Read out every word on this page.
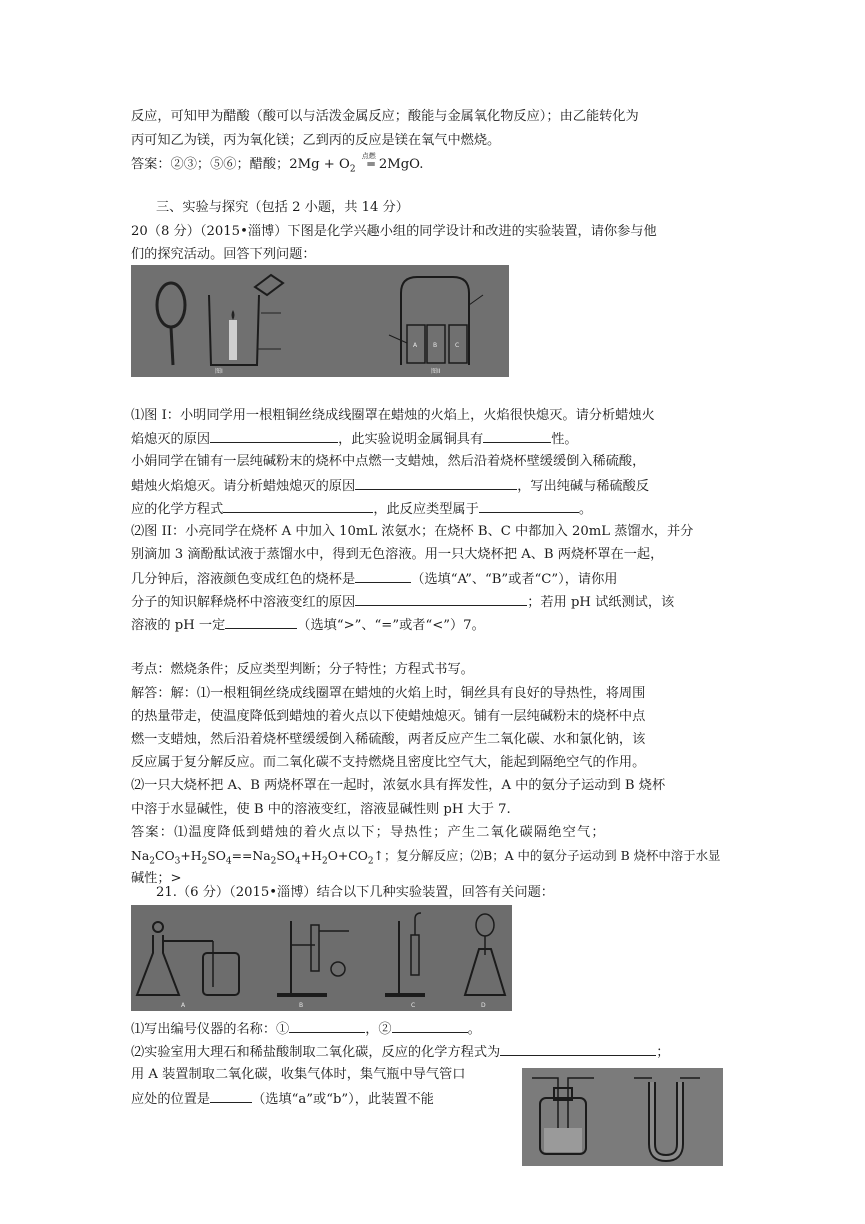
反应，可知甲为醋酸（酸可以与活泼金属反应；酸能与金属氧化物反应）；由乙能转化为
丙可知乙为镁，丙为氧化镁；乙到丙的反应是镁在氧气中燃烧。
答案：②③；⑤⑥；醋酸；$2Mg + O_2$
点燃
═ 2MgO.
三、实验与探究（包括 2 小题，共 14 分）
20（8 分）（2015•淄博）下图是化学兴趣小组的同学设计和改进的实验装置，请你参与他
们的探究活动。回答下列问题：
图I
A	B	C
图II
⑴图 I：小明同学用一根粗铜丝绕成线圈罩在蜡烛的火焰上，火焰很快熄灭。请分析蜡烛火
焰熄灭的原因	，此实验说明金属铜具有	性。
小娟同学在铺有一层纯碱粉末的烧杯中点燃一支蜡烛，然后沿着烧杯壁缓缓倒入稀硫酸，
蜡烛火焰熄灭。请分析蜡烛熄灭的原因	，写出纯碱与稀硫酸反
应的化学方程式	，此反应类型属于	。
⑵图 II：小亮同学在烧杯 A 中加入 10mL 浓氨水；在烧杯 B、C 中都加入 20mL 蒸馏水，并分
别滴加 3 滴酚酞试液于蒸馏水中，得到无色溶液。用一只大烧杯把 A、B 两烧杯罩在一起，
几分钟后，溶液颜色变成红色的烧杯是	（选填“A”、“B”或者“C”），请你用
分子的知识解释烧杯中溶液变红的原因	；若用 pH 试纸测试，该
溶液的 pH 一定	（选填“>”、“=”或者“<”）7。
考点：燃烧条件；反应类型判断；分子特性；方程式书写。
解答：解：⑴一根粗铜丝绕成线圈罩在蜡烛的火焰上时，铜丝具有良好的导热性，将周围
的热量带走，使温度降低到蜡烛的着火点以下使蜡烛熄灭。铺有一层纯碱粉末的烧杯中点
燃一支蜡烛，然后沿着烧杯壁缓缓倒入稀硫酸，两者反应产生二氧化碳、水和氯化钠，该
反应属于复分解反应。而二氧化碳不支持燃烧且密度比空气大，能起到隔绝空气的作用。
⑵一只大烧杯把 A、B 两烧杯罩在一起时，浓氨水具有挥发性，A 中的氨分子运动到 B 烧杯
中溶于水显碱性，使 B 中的溶液变红，溶液显碱性则 pH 大于 7.
答案：⑴温度降低到蜡烛的着火点以下；导热性；产生二氧化碳隔绝空气；
$Na_2CO_3+H_2SO_4==Na_2SO_4+H_2O+CO_2↑$；复分解反应；⑵B；A 中的氨分子运动到 B 烧杯中溶于水显
碱性；>
21.（6 分）（2015•淄博）结合以下几种实验装置，回答有关问题：
A	B	C	D
⑴写出编号仪器的名称：①	，②	。
⑵实验室用大理石和稀盐酸制取二氧化碳，反应的化学方程式为	；
用 A 装置制取二氧化碳，收集气体时，集气瓶中导气管口
应处的位置是	（选填“a”或“b”），此装置不能
